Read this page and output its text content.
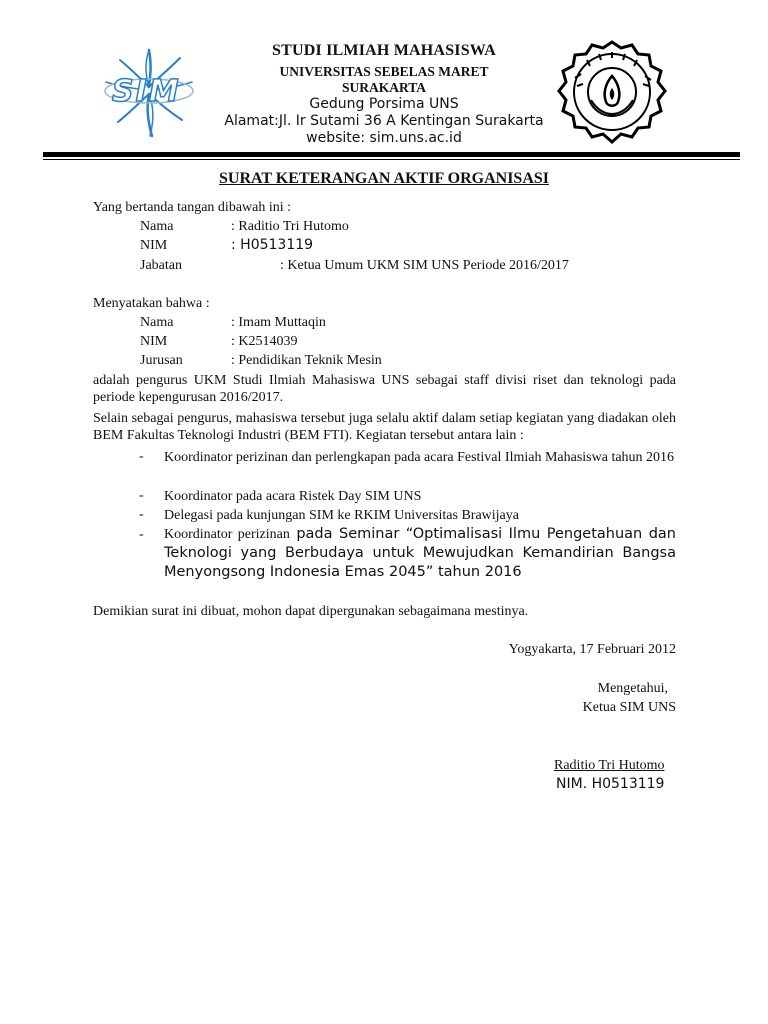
SIM
STUDI ILMIAH MAHASISWA
UNIVERSITAS SEBELAS MARET
SURAKARTA
Gedung Porsima UNS
Alamat:Jl. Ir Sutami 36 A Kentingan Surakarta
website: sim.uns.ac.id
SURAT KETERANGAN AKTIF ORGANISASI
Yang bertanda tangan dibawah ini :
Nama	: Raditio Tri Hutomo
NIM	: H0513119
Jabatan	: Ketua Umum UKM SIM UNS Periode 2016/2017
Menyatakan bahwa :
Nama	: Imam Muttaqin
NIM	: K2514039
Jurusan	: Pendidikan Teknik Mesin
adalah pengurus UKM Studi Ilmiah Mahasiswa UNS sebagai staff divisi riset dan teknologi pada periode kepengurusan 2016/2017.
Selain sebagai pengurus, mahasiswa tersebut juga selalu aktif dalam setiap kegiatan yang diadakan oleh BEM Fakultas Teknologi Industri (BEM FTI). Kegiatan tersebut antara lain :
- Koordinator perizinan dan perlengkapan pada acara Festival Ilmiah Mahasiswa tahun 2016
- Koordinator pada acara Ristek Day SIM UNS
- Delegasi pada kunjungan SIM ke RKIM Universitas Brawijaya
- Koordinator perizinan pada Seminar “Optimalisasi Ilmu Pengetahuan dan Teknologi yang Berbudaya untuk Mewujudkan Kemandirian Bangsa Menyongsong Indonesia Emas 2045” tahun 2016
Demikian surat ini dibuat, mohon dapat dipergunakan sebagaimana mestinya.
Yogyakarta, 17 Februari 2012
Mengetahui,
Ketua SIM UNS
Raditio Tri Hutomo
NIM. H0513119
